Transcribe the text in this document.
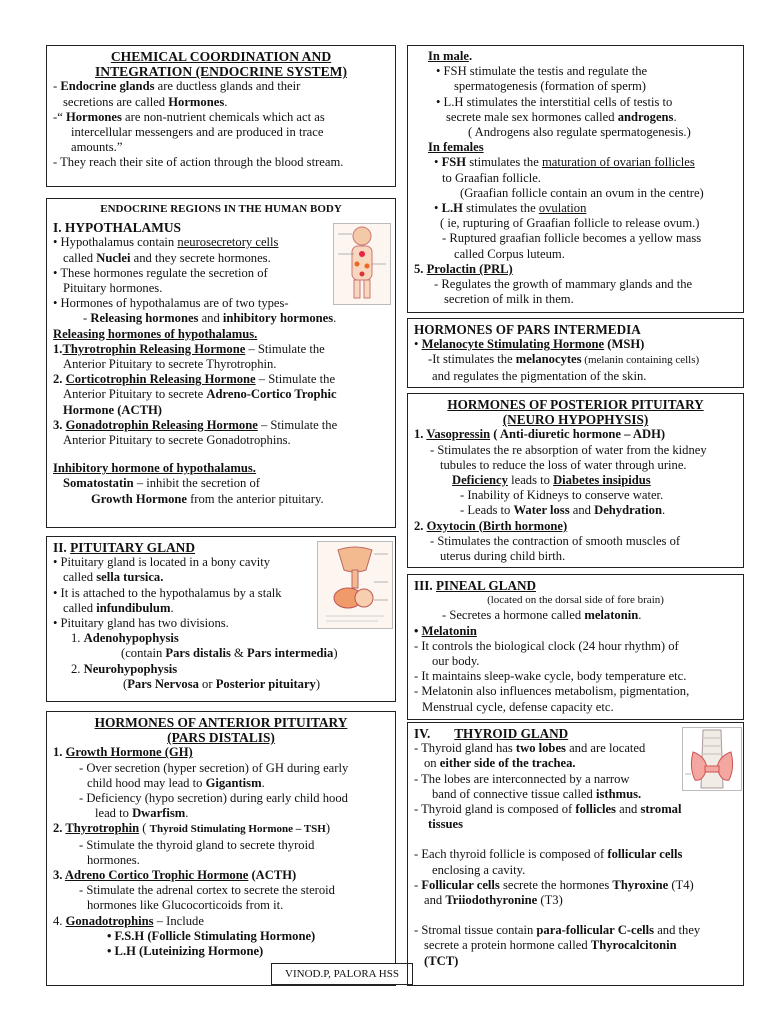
CHEMICAL COORDINATION AND
INTEGRATION (ENDOCRINE SYSTEM)
- Endocrine glands are ductless glands and their
secretions are called Hormones.
-“ Hormones are non-nutrient chemicals which act as
intercellular messengers and are produced in trace
amounts.”
- They reach their site of action through the blood stream.
ENDOCRINE REGIONS IN THE HUMAN BODY
I. HYPOTHALAMUS
• Hypothalamus contain neurosecretory cells
called Nuclei and they secrete hormones.
• These hormones regulate the secretion of
Pituitary hormones.
• Hormones of hypothalamus are of two types-
- Releasing hormones and inhibitory hormones.
Releasing hormones of hypothalamus.
1.Thyrotrophin Releasing Hormone – Stimulate the
Anterior Pituitary to secrete Thyrotrophin.
2. Corticotrophin Releasing Hormone – Stimulate the
Anterior Pituitary to secrete Adreno-Cortico Trophic
Hormone (ACTH)
3. Gonadotrophin Releasing Hormone – Stimulate the
Anterior Pituitary to secrete Gonadotrophins.
Inhibitory hormone of hypothalamus.
Somatostatin – inhibit the secretion of
Growth Hormone from the anterior pituitary.
II. PITUITARY GLAND
• Pituitary gland is located in a bony cavity
called sella tursica.
• It is attached to the hypothalamus by a stalk
called infundibulum.
• Pituitary gland has two divisions.
1. Adenohypophysis
(contain Pars distalis & Pars intermedia)
2. Neurohypophysis
(Pars Nervosa or Posterior pituitary)
HORMONES OF ANTERIOR PITUITARY
(PARS DISTALIS)
1. Growth Hormone (GH)
- Over secretion (hyper secretion) of GH during early
child hood may lead to Gigantism.
- Deficiency (hypo secretion) during early child hood
lead to Dwarfism.
2. Thyrotrophin ( Thyroid Stimulating Hormone – TSH)
- Stimulate the thyroid gland to secrete thyroid
hormones.
3. Adreno Cortico Trophic Hormone (ACTH)
- Stimulate the adrenal cortex to secrete the steroid
hormones like Glucocorticoids from it.
4. Gonadotrophins – Include
• F.S.H (Follicle Stimulating Hormone)
• L.H (Luteinizing Hormone)
VINOD.P, PALORA HSS
In male.
• FSH stimulate the testis and regulate the
spermatogenesis (formation of sperm)
• L.H stimulates the interstitial cells of testis to
secrete male sex hormones called androgens.
( Androgens also regulate spermatogenesis.)
In females
• FSH stimulates the maturation of ovarian follicles
to Graafian follicle.
(Graafian follicle contain an ovum in the centre)
• L.H stimulates the ovulation
( ie, rupturing of Graafian follicle to release ovum.)
- Ruptured graafian follicle becomes a yellow mass
called Corpus luteum.
5. Prolactin (PRL)
- Regulates the growth of mammary glands and the
secretion of milk in them.
HORMONES OF PARS INTERMEDIA
• Melanocyte Stimulating Hormone (MSH)
-It stimulates the melanocytes (melanin containing cells)
and regulates the pigmentation of the skin.
HORMONES OF POSTERIOR PITUITARY
(NEURO HYPOPHYSIS)
1. Vasopressin ( Anti-diuretic hormone – ADH)
- Stimulates the re absorption of water from the kidney
tubules to reduce the loss of water through urine.
Deficiency leads to Diabetes insipidus
- Inability of Kidneys to conserve water.
- Leads to Water loss and Dehydration.
2. Oxytocin (Birth hormone)
- Stimulates the contraction of smooth muscles of
uterus during child birth.
III. PINEAL GLAND
(located on the dorsal side of fore brain)
- Secretes a hormone called melatonin.
• Melatonin
- It controls the biological clock (24 hour rhythm) of
our body.
- It maintains sleep-wake cycle, body temperature etc.
- Melatonin also influences metabolism, pigmentation,
Menstrual cycle, defense capacity etc.
IV. THYROID GLAND
- Thyroid gland has two lobes and are located
on either side of the trachea.
- The lobes are interconnected by a narrow
band of connective tissue called isthmus.
- Thyroid gland is composed of follicles and stromal
tissues
- Each thyroid follicle is composed of follicular cells
enclosing a cavity.
- Follicular cells secrete the hormones Thyroxine (T4)
and Triiodothyronine (T3)
- Stromal tissue contain para-follicular C-cells and they
secrete a protein hormone called Thyrocalcitonin
(TCT)
